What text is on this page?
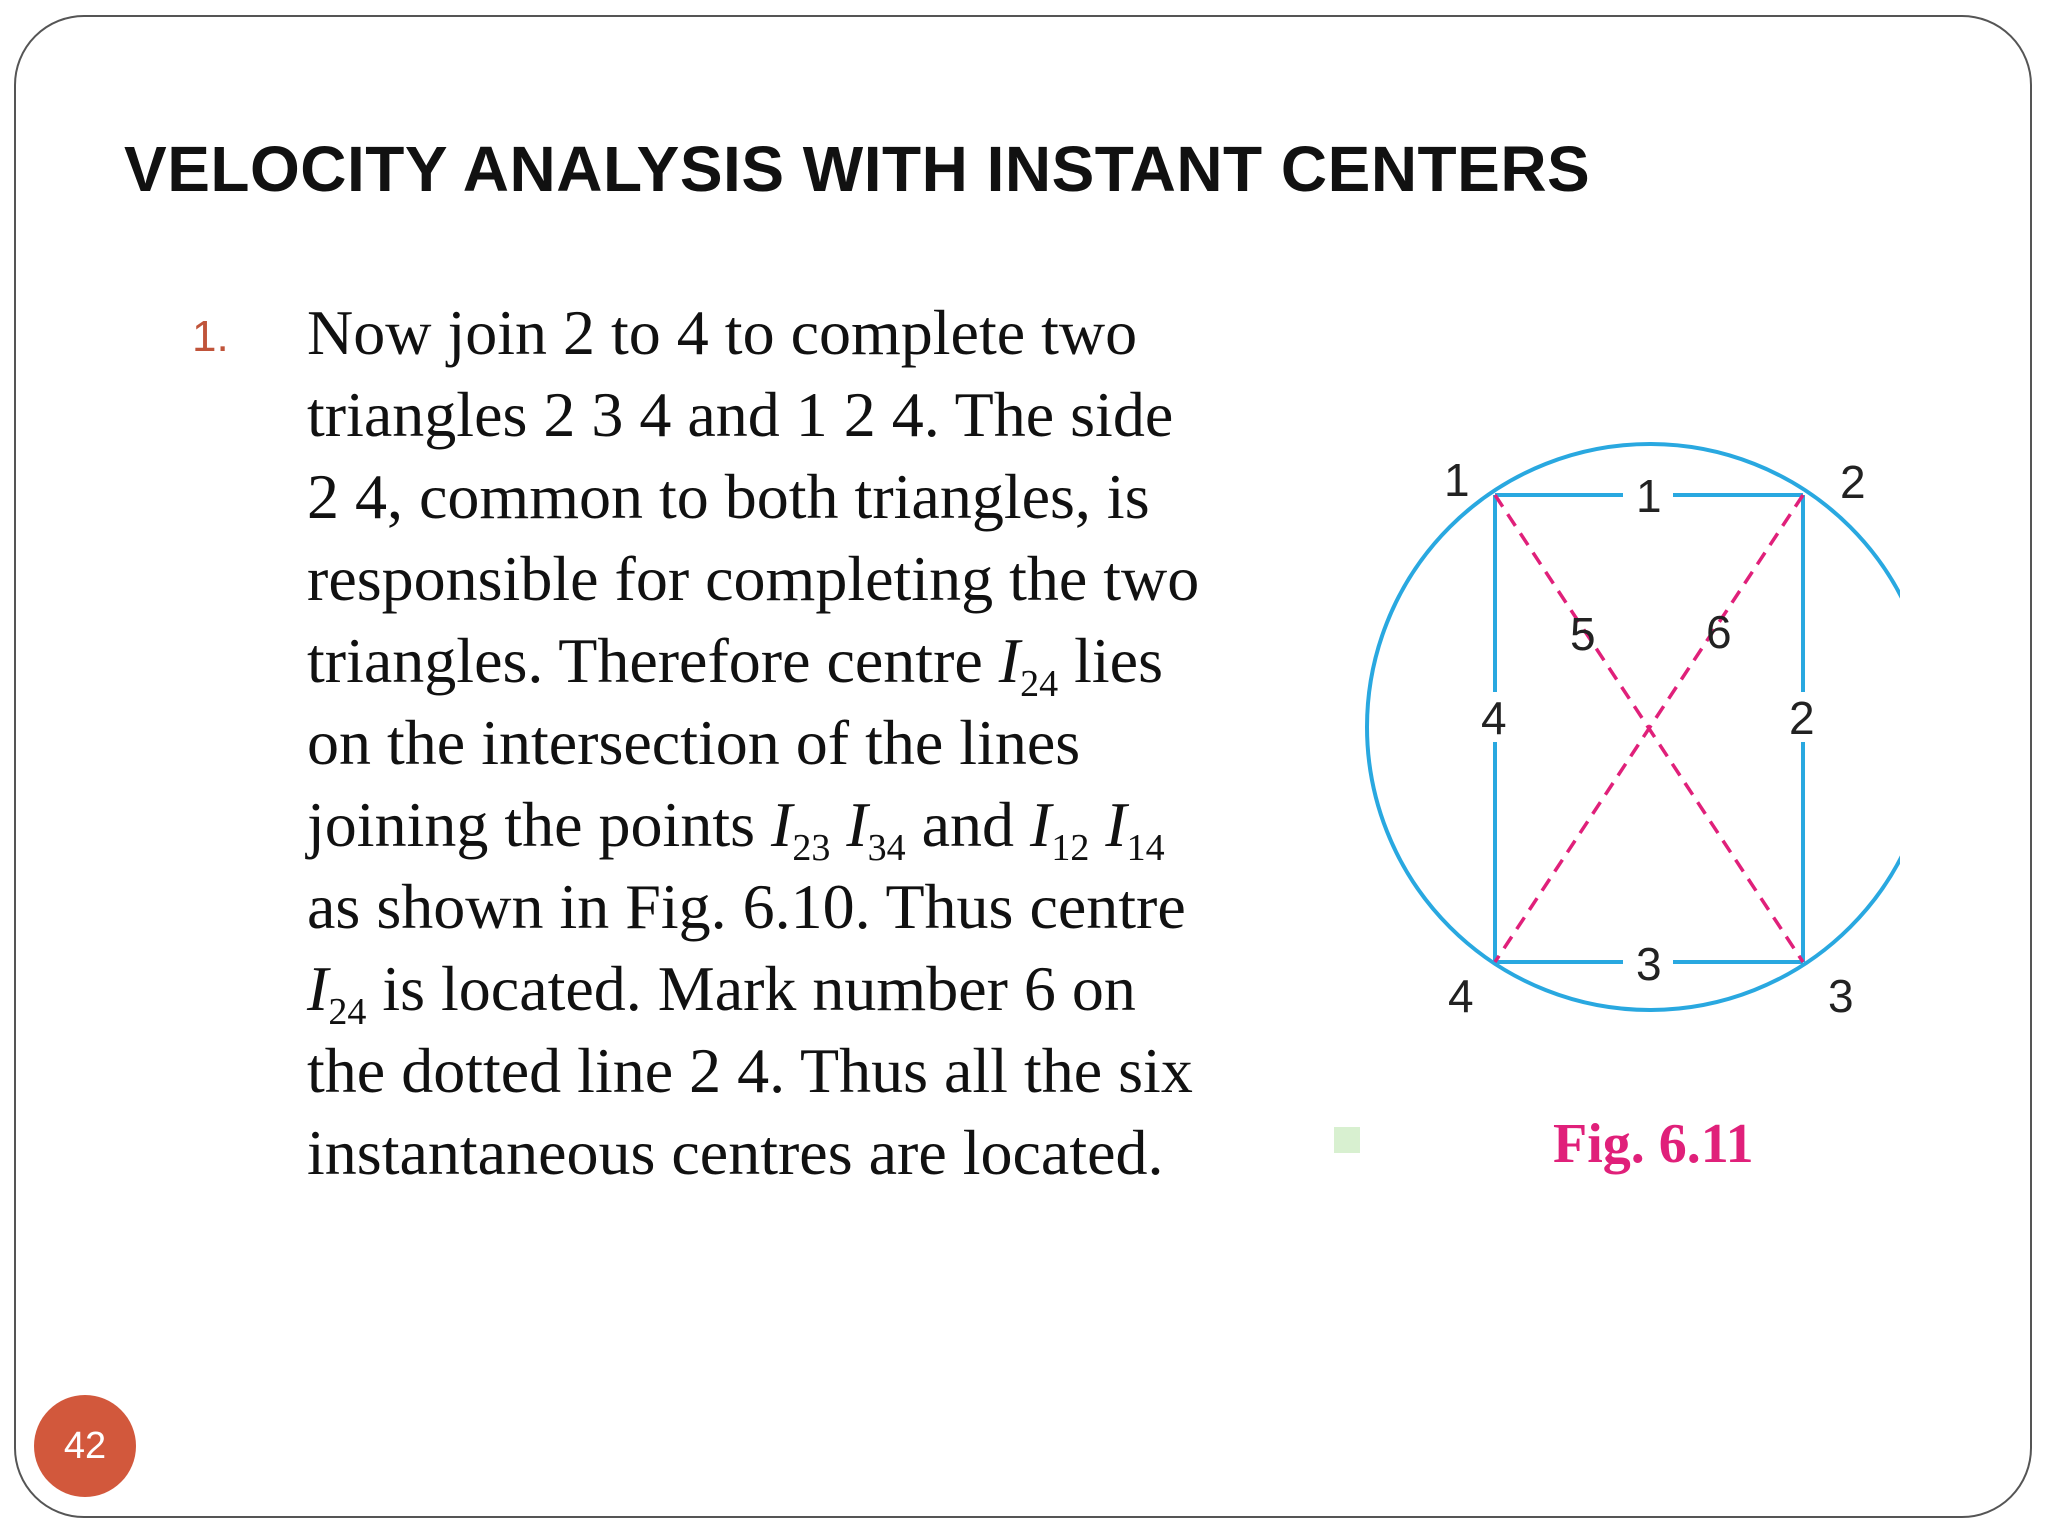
VELOCITY ANALYSIS WITH INSTANT CENTERS
1. Now join 2 to 4 to complete two
triangles 2 3 4 and 1 2 4. The side
2 4, common to both triangles, is
responsible for completing the two
triangles. Therefore centre $I_{24}$ lies
on the intersection of the lines
joining the points $I_{23}$ $I_{34}$ and $I_{12}$ $I_{14}$
as shown in Fig. 6.10. Thus centre
$I_{24}$ is located. Mark number 6 on
the dotted line 2 4. Thus all the six
instantaneous centres are located.
1	2
3
4
1
2
3
4
5 6
Fig. 6.11
42
